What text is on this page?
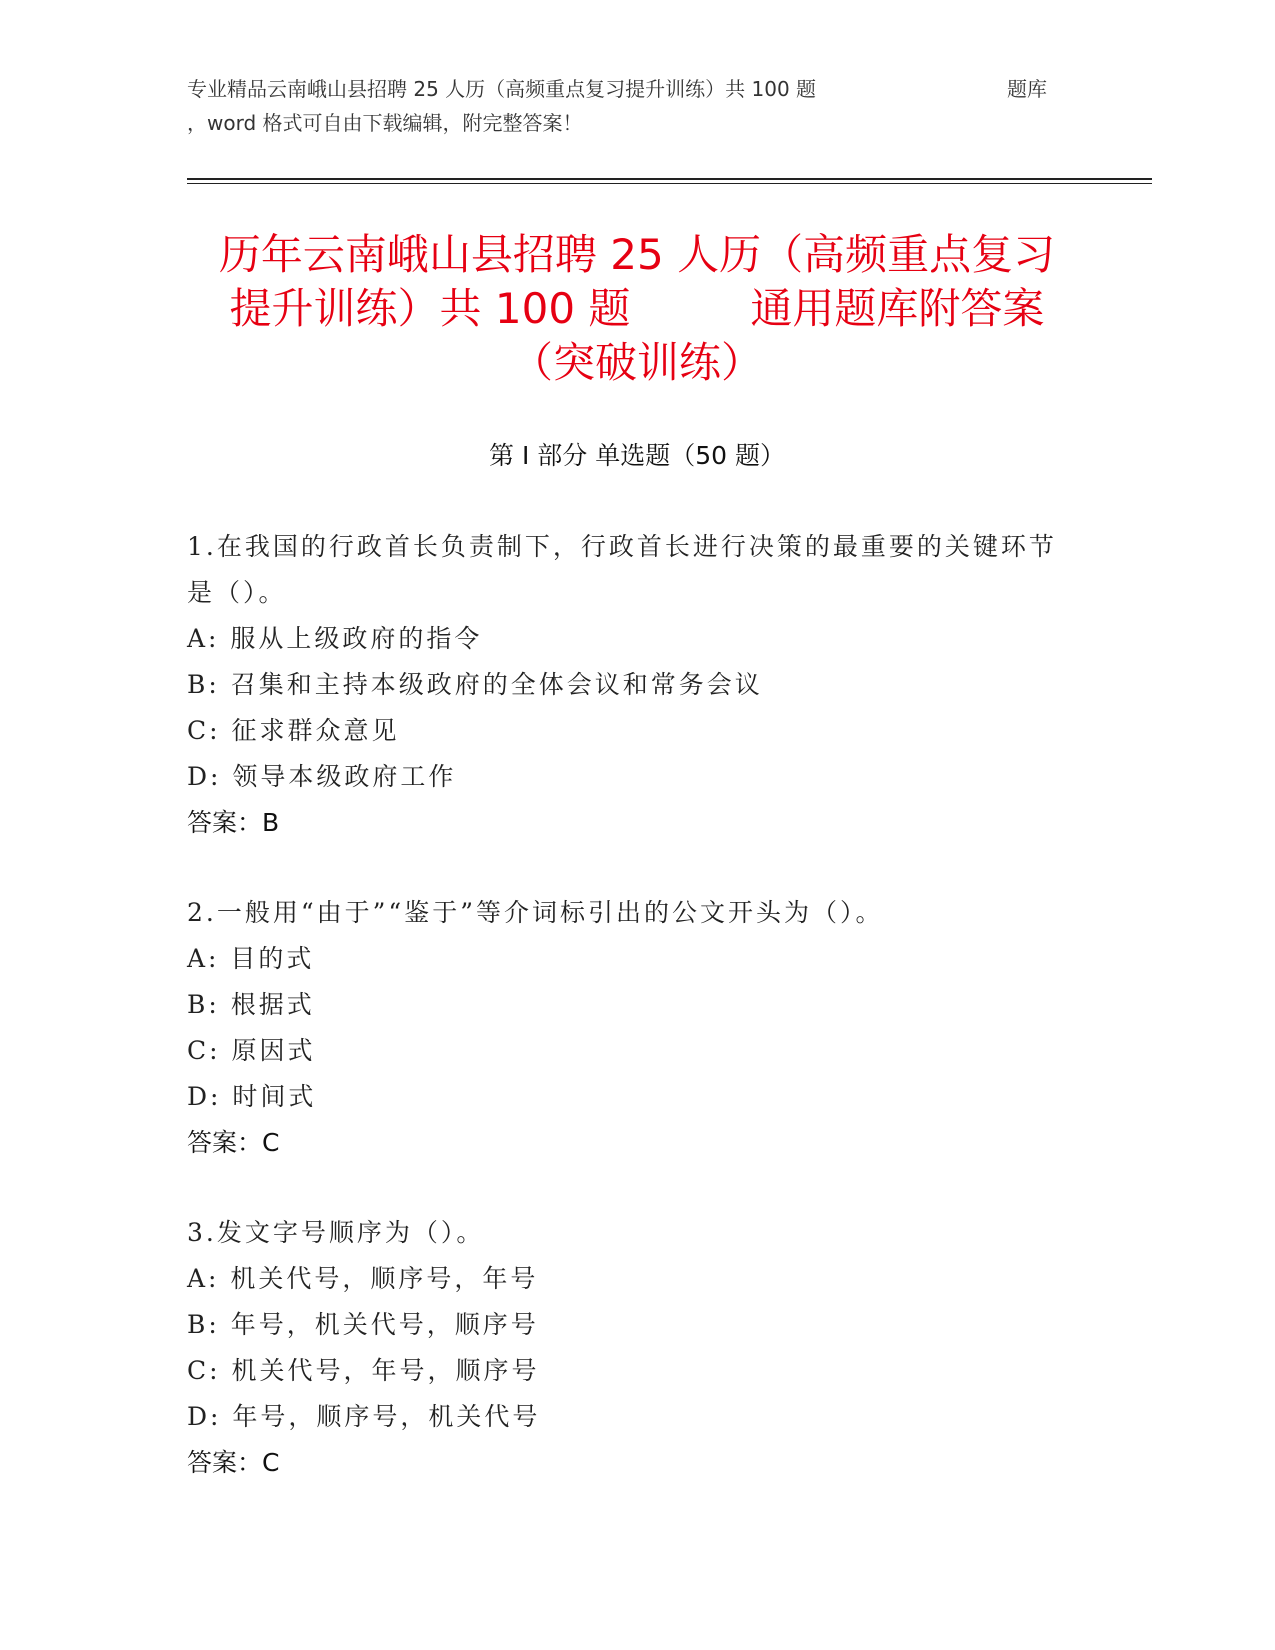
专业精品云南峨山县招聘 25 人历（高频重点复习提升训练）共 100 题	题库
，word 格式可自由下载编辑，附完整答案！
历年云南峨山县招聘 25 人历（高频重点复习
提升训练）共 100 题	通用题库附答案
（突破训练）
第 I 部分 单选题（50 题）
1.在我国的行政首长负责制下，行政首长进行决策的最重要的关键环节是（）。
A: 服从上级政府的指令
B: 召集和主持本级政府的全体会议和常务会议
C: 征求群众意见
D: 领导本级政府工作
答案：B
2.一般用“由于”“鉴于”等介词标引出的公文开头为（）。
A: 目的式
B: 根据式
C: 原因式
D: 时间式
答案：C
3.发文字号顺序为（）。
A: 机关代号，顺序号，年号
B: 年号，机关代号，顺序号
C: 机关代号，年号，顺序号
D: 年号，顺序号，机关代号
答案：C
